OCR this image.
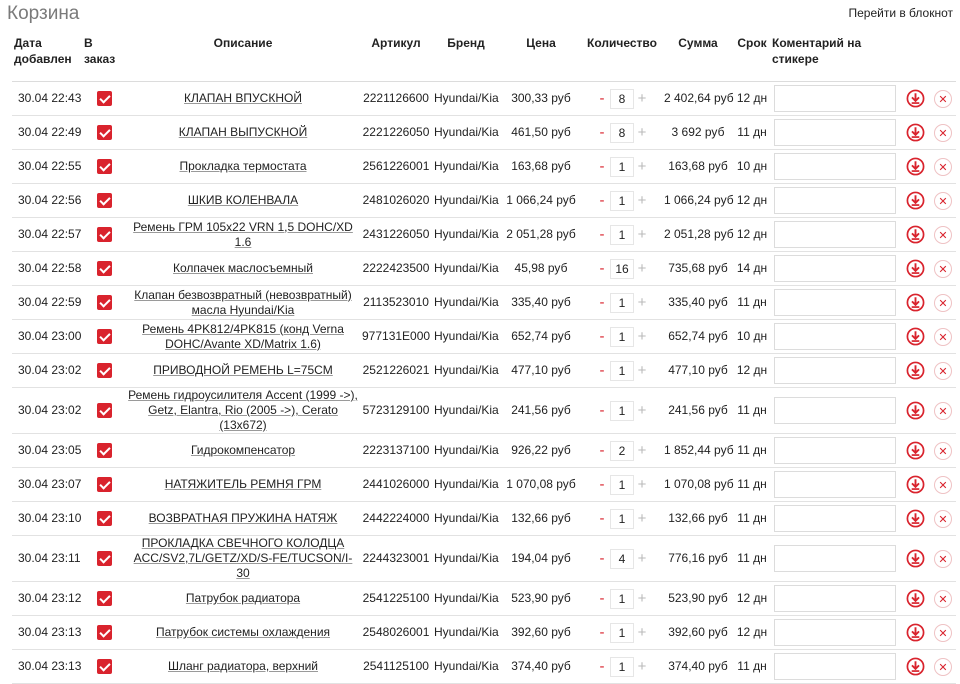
Корзина	Перейти в блокнот
Дата добавлен	В заказ	Описание	Артикул	Бренд	Цена	Количество	Сумма	Срок	Коментарий на стикере		
30.04 22:43		КЛАПАН ВПУСКНОЙ	2221126600	Hyundai/Kia	300,33 руб	- 8 +	2 402,64 руб	12 дн			✕
30.04 22:49		КЛАПАН ВЫПУСКНОЙ	2221226050	Hyundai/Kia	461,50 руб	- 8 +	3 692 руб	11 дн			✕
30.04 22:55		Прокладка термостата	2561226001	Hyundai/Kia	163,68 руб	- 1 +	163,68 руб	10 дн			✕
30.04 22:56		ШКИВ КОЛЕНВАЛА	2481026020	Hyundai/Kia	1 066,24 руб	- 1 +	1 066,24 руб	12 дн			✕
30.04 22:57		Ремень ГРМ 105x22 VRN 1,5 DOHC/XD 1.6	2431226050	Hyundai/Kia	2 051,28 руб	- 1 +	2 051,28 руб	12 дн			✕
30.04 22:58		Колпачек маслосъемный	2222423500	Hyundai/Kia	45,98 руб	- 16 +	735,68 руб	14 дн			✕
30.04 22:59		Клапан безвозвратный (невозвратный) масла Hyundai/Kia	2113523010	Hyundai/Kia	335,40 руб	- 1 +	335,40 руб	11 дн			✕
30.04 23:00		Ремень 4PK812/4PK815 (конд Verna DOHC/Avante XD/Matrix 1.6)	977131E000	Hyundai/Kia	652,74 руб	- 1 +	652,74 руб	10 дн			✕
30.04 23:02		ПРИВОДНОЙ РЕМЕНЬ L=75CM	2521226021	Hyundai/Kia	477,10 руб	- 1 +	477,10 руб	12 дн			✕
30.04 23:02		Ремень гидроусилителя Accent (1999 ->), Getz, Elantra, Rio (2005 ->), Cerato (13x672)	5723129100	Hyundai/Kia	241,56 руб	- 1 +	241,56 руб	11 дн			✕
30.04 23:05		Гидрокомпенсатор	2223137100	Hyundai/Kia	926,22 руб	- 2 +	1 852,44 руб	11 дн			✕
30.04 23:07		НАТЯЖИТЕЛЬ РЕМНЯ ГРМ	2441026000	Hyundai/Kia	1 070,08 руб	- 1 +	1 070,08 руб	11 дн			✕
30.04 23:10		ВОЗВРАТНАЯ ПРУЖИНА НАТЯЖ	2442224000	Hyundai/Kia	132,66 руб	- 1 +	132,66 руб	11 дн			✕
30.04 23:11		ПРОКЛАДКА СВЕЧНОГО КОЛОДЦА ACC/SV2,7L/GETZ/XD/S-FE/TUCSON/I-30	2244323001	Hyundai/Kia	194,04 руб	- 4 +	776,16 руб	11 дн			✕
30.04 23:12		Патрубок радиатора	2541225100	Hyundai/Kia	523,90 руб	- 1 +	523,90 руб	12 дн			✕
30.04 23:13		Патрубок системы охлаждения	2548026001	Hyundai/Kia	392,60 руб	- 1 +	392,60 руб	12 дн			✕
30.04 23:13		Шланг радиатора, верхний	2541125100	Hyundai/Kia	374,40 руб	- 1 +	374,40 руб	11 дн			✕
